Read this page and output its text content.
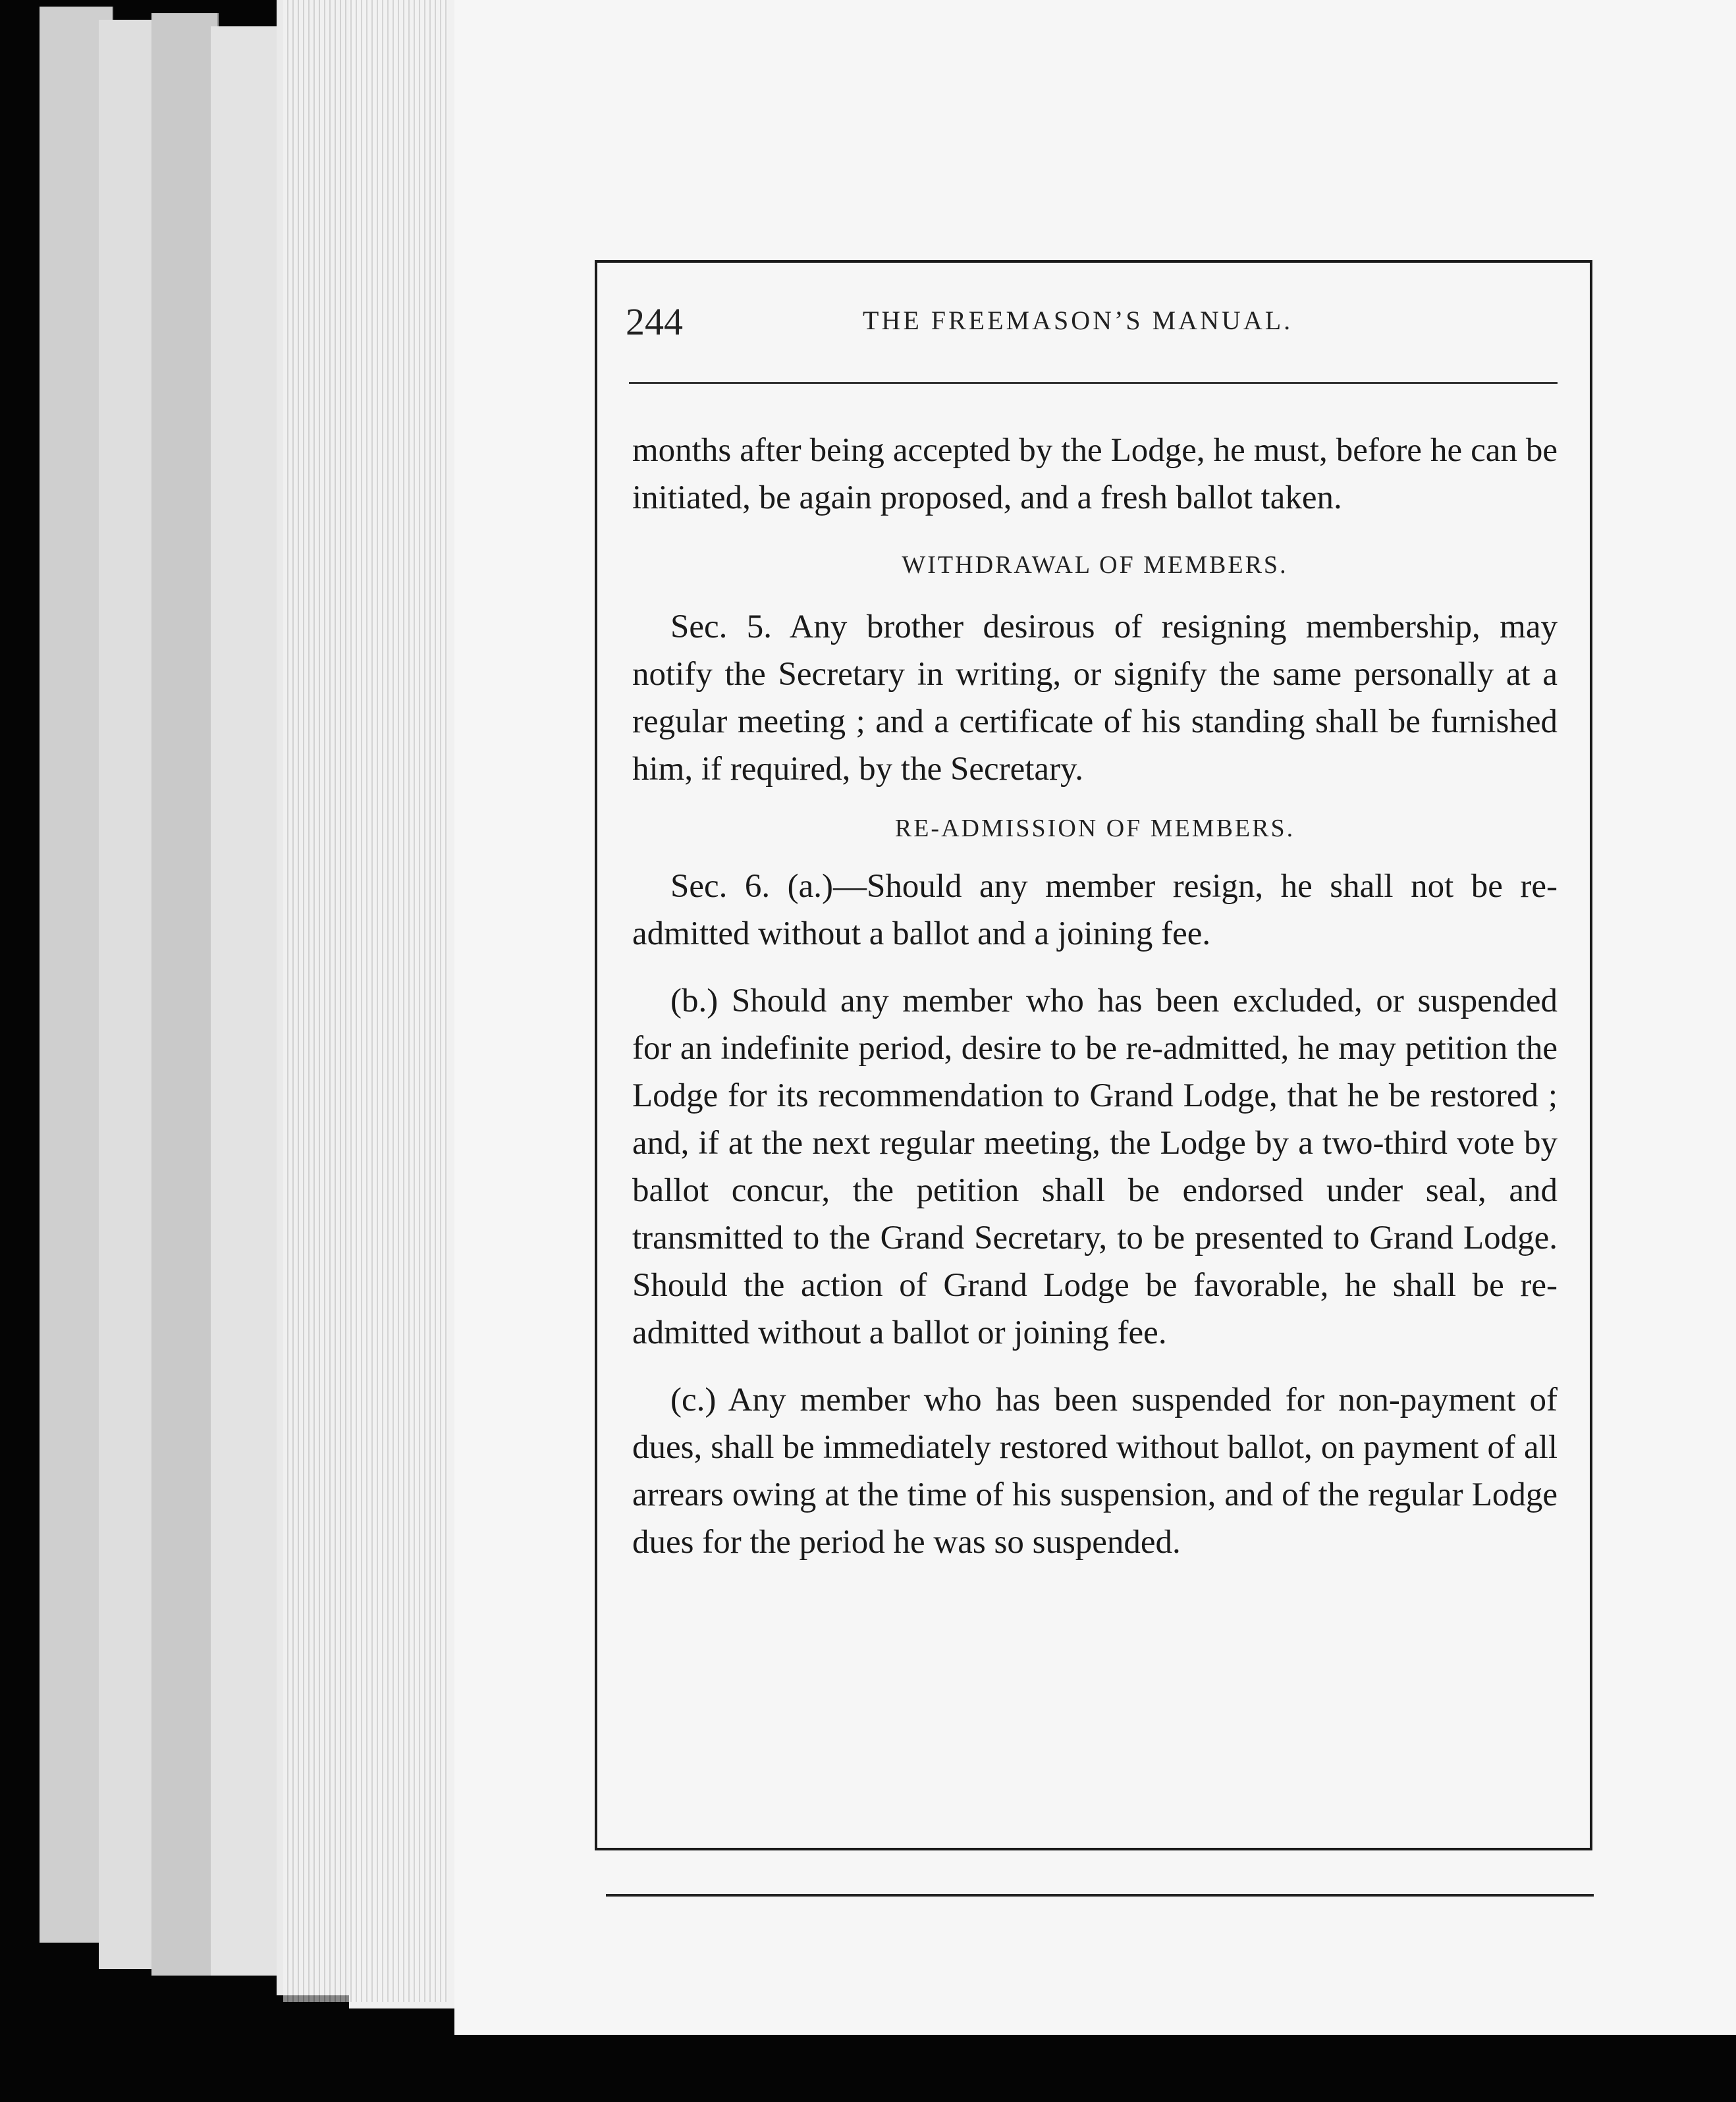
244	THE FREEMASON’S MANUAL.

months after being accepted by the Lodge, he must, before he can be initiated, be again proposed, and a fresh ballot taken.

WITHDRAWAL OF MEMBERS.

Sec. 5. Any brother desirous of resigning membership, may notify the Secretary in writing, or signify the same personally at a regular meeting ; and a certificate of his standing shall be furnished him, if required, by the Secretary.

RE-ADMISSION OF MEMBERS.

Sec. 6. (a.)—Should any member resign, he shall not be re-admitted without a ballot and a joining fee.

(b.) Should any member who has been excluded, or suspended for an indefinite period, desire to be re-admitted, he may petition the Lodge for its recommendation to Grand Lodge, that he be restored ; and, if at the next regular meeting, the Lodge by a two-third vote by ballot concur, the petition shall be endorsed under seal, and transmitted to the Grand Secretary, to be presented to Grand Lodge. Should the action of Grand Lodge be favorable, he shall be re-admitted without a ballot or joining fee.

(c.) Any member who has been suspended for non-payment of dues, shall be immediately restored without ballot, on payment of all arrears owing at the time of his suspension, and of the regular Lodge dues for the period he was so suspended.
